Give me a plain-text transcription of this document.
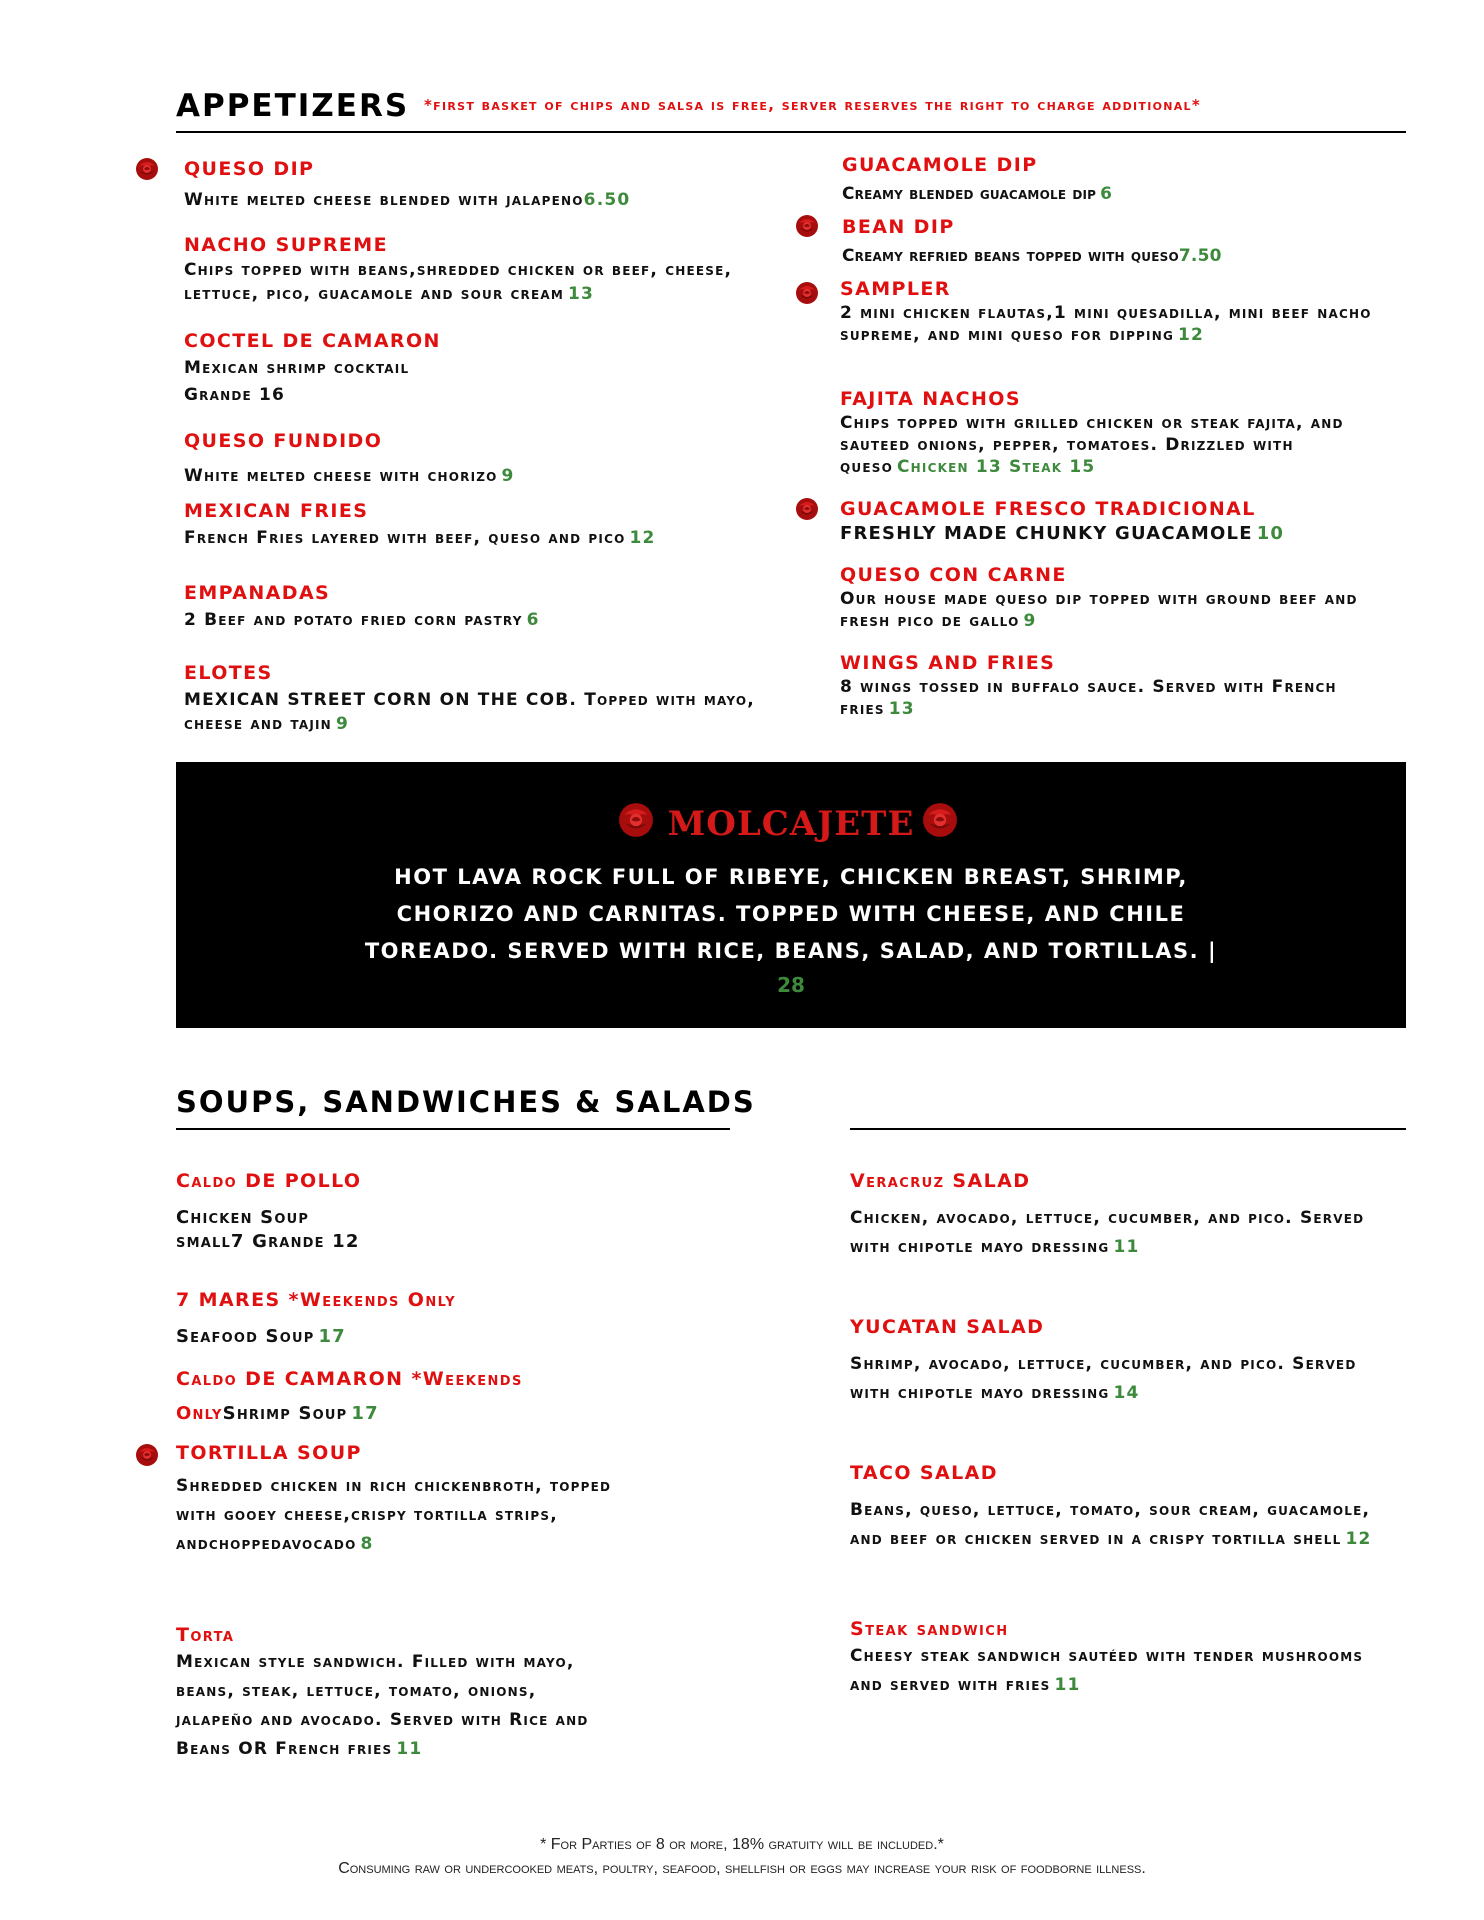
APPETIZERS *first basket of chips and salsa is free, server reserves the right to charge additional*
QUESO DIP
White melted cheese blended with jalapeno6.50
NACHO SUPREME
Chips topped with beans,shredded chicken or beef, cheese, lettuce, pico, guacamole and sour cream 13
COCTEL DE CAMARON
Mexican shrimp cocktail
Grande 16
QUESO FUNDIDO
White melted cheese with chorizo 9
MEXICAN FRIES
French Fries layered with beef, queso and pico 12
EMPANADAS
2 Beef and potato fried corn pastry 6
ELOTES
MEXICAN STREET CORN ON THE COB. Topped with mayo, cheese and tajin 9
GUACAMOLE DIP
Creamy blended guacamole dip 6
BEAN DIP
Creamy refried beans topped with queso7.50
SAMPLER
2 mini chicken flautas,1 mini quesadilla, mini beef nacho supreme, and mini queso for dipping 12
FAJITA NACHOS
Chips topped with grilled chicken or steak fajita, and sauteed onions, pepper, tomatoes. Drizzled with queso Chicken 13 Steak 15
GUACAMOLE FRESCO TRADICIONAL
FRESHLY MADE CHUNKY GUACAMOLE 10
QUESO CON CARNE
Our house made queso dip topped with ground beef and fresh pico de gallo 9
WINGS AND FRIES
8 wings tossed in buffalo sauce. Served with French fries 13
MOLCAJETE
HOT LAVA ROCK FULL OF RIBEYE, CHICKEN BREAST, SHRIMP, CHORIZO AND CARNITAS. TOPPED WITH CHEESE, AND CHILE TOREADO. SERVED WITH RICE, BEANS, SALAD, AND TORTILLAS. |
28
SOUPS, SANDWICHES & SALADS
Caldo DE POLLO
Chicken Soup
small7 Grande 12
7 MARES *Weekends Only
Seafood Soup 17
Caldo DE CAMARON *Weekends
OnlyShrimp Soup 17
TORTILLA SOUP
Shredded chicken in rich chickenbroth, topped with gooey cheese,crispy tortilla strips, andchoppedavocado 8
Torta
Mexican style sandwich. Filled with mayo, beans, steak, lettuce, tomato, onions, jalapeño and avocado. Served with Rice and Beans OR French fries 11
Veracruz SALAD
Chicken, avocado, lettuce, cucumber, and pico. Served with chipotle mayo dressing 11
YUCATAN SALAD
Shrimp, avocado, lettuce, cucumber, and pico. Served with chipotle mayo dressing 14
TACO SALAD
Beans, queso, lettuce, tomato, sour cream, guacamole, and beef or chicken served in a crispy tortilla shell 12
Steak sandwich
Cheesy steak sandwich sautéed with tender mushrooms and served with fries 11
* For Parties of 8 or more, 18% gratuity will be included.*
Consuming raw or undercooked meats, poultry, seafood, shellfish or eggs may increase your risk of foodborne illness.
